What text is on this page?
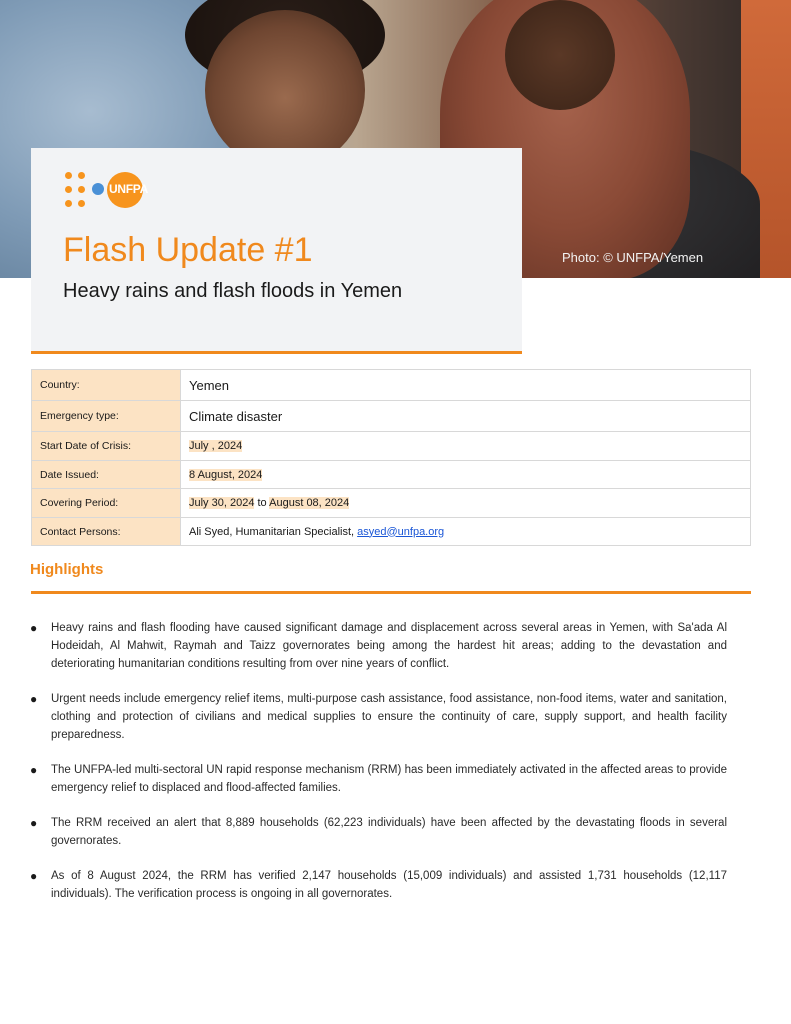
Photo: © UNFPA/Yemen
UNFPA
Flash Update #1
Heavy rains and flash floods in Yemen
Country:	Yemen
Emergency type:	Climate disaster
Start Date of Crisis:	July , 2024
Date Issued:	8 August, 2024
Covering Period:	July 30, 2024 to August 08, 2024
Contact Persons:	Ali Syed, Humanitarian Specialist, asyed@unfpa.org
Highlights
● Heavy rains and flash flooding have caused significant damage and displacement across several areas in Yemen, with Sa'ada Al Hodeidah, Al Mahwit, Raymah and Taizz governorates being among the hardest hit areas; adding to the devastation and deteriorating humanitarian conditions resulting from over nine years of conflict.
● Urgent needs include emergency relief items, multi-purpose cash assistance, food assistance, non-food items, water and sanitation, clothing and protection of civilians and medical supplies to ensure the continuity of care, supply support, and health facility preparedness.
● The UNFPA-led multi-sectoral UN rapid response mechanism (RRM) has been immediately activated in the affected areas to provide emergency relief to displaced and flood-affected families.
● The RRM received an alert that 8,889 households (62,223 individuals) have been affected by the devastating floods in several governorates.
● As of 8 August 2024, the RRM has verified 2,147 households (15,009 individuals) and assisted 1,731 households (12,117 individuals). The verification process is ongoing in all governorates.
